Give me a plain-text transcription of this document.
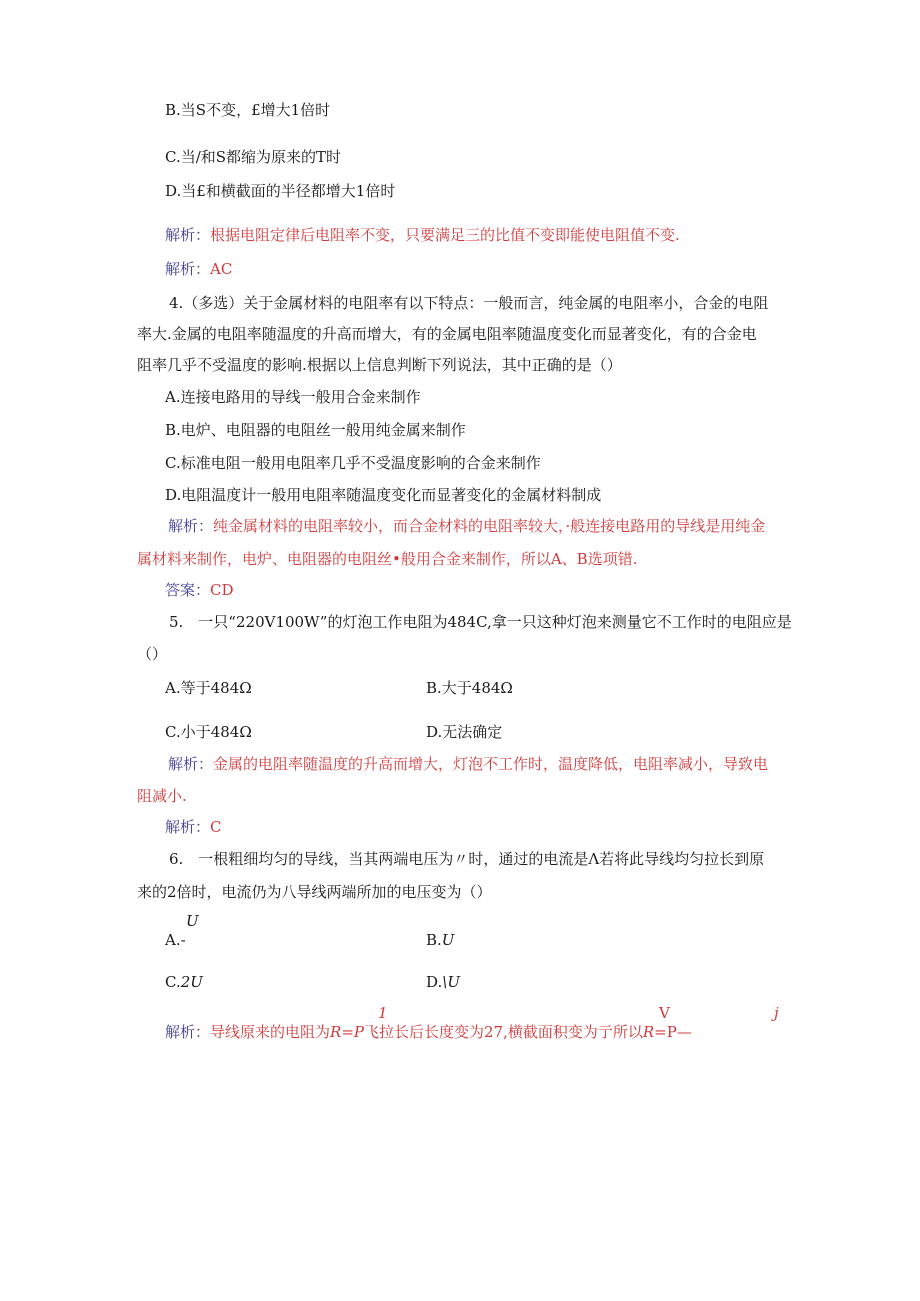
B.当S不变，£增大1倍时
C.当/和S都缩为原来的T时
D.当£和横截面的半径都增大1倍时
解析：根据电阻定律后电阻率不变，只要满足三的比值不变即能使电阻值不变.
解析：AC
4.（多选）关于金属材料的电阻率有以下特点：一般而言，纯金属的电阻率小，合金的电阻
率大.金属的电阻率随温度的升高而增大，有的金属电阻率随温度变化而显著变化，有的合金电
阻率几乎不受温度的影响.根据以上信息判断下列说法，其中正确的是（）
A.连接电路用的导线一般用合金来制作
B.电炉、电阻器的电阻丝一般用纯金属来制作
C.标准电阻一般用电阻率几乎不受温度影响的合金来制作
D.电阻温度计一般用电阻率随温度变化而显著变化的金属材料制成
解析：纯金属材料的电阻率较小，而合金材料的电阻率较大，·般连接电路用的导线是用纯金
属材料来制作，电炉、电阻器的电阻丝•般用合金来制作，所以A、B选项错.
答案：CD
5.　一只“220V100W”的灯泡工作电阻为484C,拿一只这种灯泡来测量它不工作时的电阻应是
（）
A.等于484Ω	B.大于484Ω
C.小于484Ω	D.无法确定
解析：金属的电阻率随温度的升高而增大，灯泡不工作时，温度降低，电阻率减小，导致电
阻减小.
解析：C
6.　一根粗细均匀的导线，当其两端电压为〃时，通过的电流是Λ若将此导线均匀拉长到原
来的2倍时，电流仍为八导线两端所加的电压变为（）
U
A.-	B.U
C.2U	D.\U
1	V	j
解析：导线原来的电阻为R=P飞拉长后长度变为27,横截面积变为亍所以R=P—
